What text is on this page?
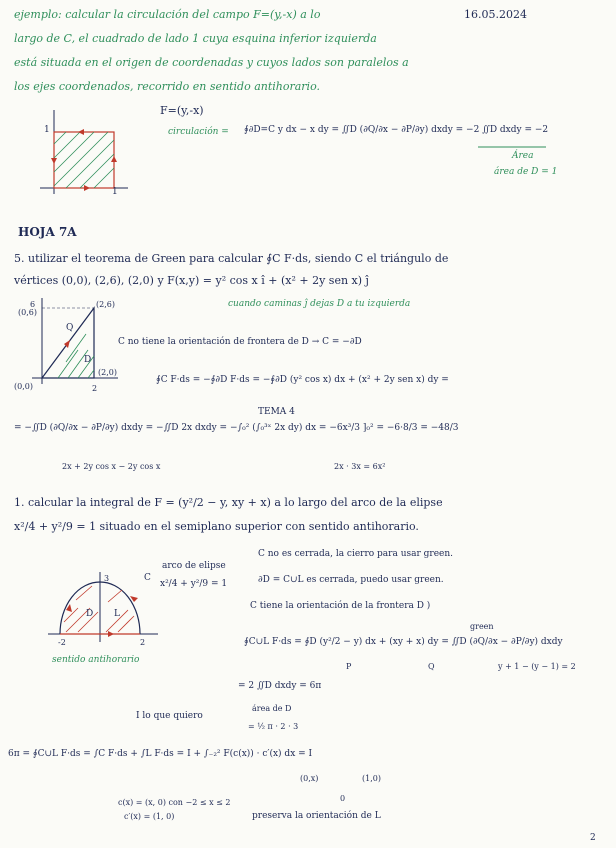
ejemplo: calcular la circulación del campo F=(y,-x) a lo	16.05.2024
largo de C, el cuadrado de lado 1 cuya esquina inferior izquierda
está situada en el origen de coordenadas y cuyos lados son paralelos a
los ejes coordenados, recorrido en sentido antihorario.
1
1
F=(y,-x)
circulación = ∮∂D=C y dx − x dy = ∬D (∂Q/∂x − ∂P/∂y) dxdy = −2 ∬D dxdy = −2
Área
área de D = 1
HOJA 7A
5. utilizar el teorema de Green para calcular ∮C F·ds, siendo C el triángulo de
vértices (0,0), (2,6), (2,0) y F(x,y) = y² cos x î + (x² + 2y sen x) ĵ
(0,6)
6	(2,6)
(0,0)
(2,0)
2
Q
D
cuando caminas ĵ dejas D a tu izquierda
C no tiene la orientación de frontera de D → C = −∂D
∮C F·ds = −∮∂D F·ds = −∮∂D (y² cos x) dx + (x² + 2y sen x) dy =
TEMA 4
= −∬D (∂Q/∂x − ∂P/∂y) dxdy = −∬D 2x dxdy = −∫₀² (∫₀³ˣ 2x dy) dx = −6x³/3 ]₀² = −6·8/3 = −48/3
2x + 2y cos x − 2y cos x	2x · 3x = 6x²
1. calcular la integral de F = (y²/2 − y, xy + x) a lo largo del arco de la elipse
x²/4 + y²/9 = 1 situado en el semiplano superior con sentido antihorario.
3
-2	2
D L
C
arco de elipse
x²/4 + y²/9 = 1
sentido antihorario
C no es cerrada, la cierro para usar green.
∂D = C∪L es cerrada, puedo usar green.
C tiene la orientación de la frontera D )
green
∮C∪L F·ds = ∮D (y²/2 − y) dx + (xy + x) dy = ∬D (∂Q/∂x − ∂P/∂y) dxdy
P	Q	y + 1 − (y − 1) = 2
= 2 ∬D dxdy = 6π
área de D
= ½ π · 2 · 3
I lo que quiero
6π = ∮C∪L F·ds = ∫C F·ds + ∫L F·ds = I + ∫₋₂² F(c(x)) · c′(x) dx = I
(0,x)	(1,0)
0
c(x) = (x, 0) con −2 ≤ x ≤ 2
c′(x) = (1, 0)	preserva la orientación de L
2
